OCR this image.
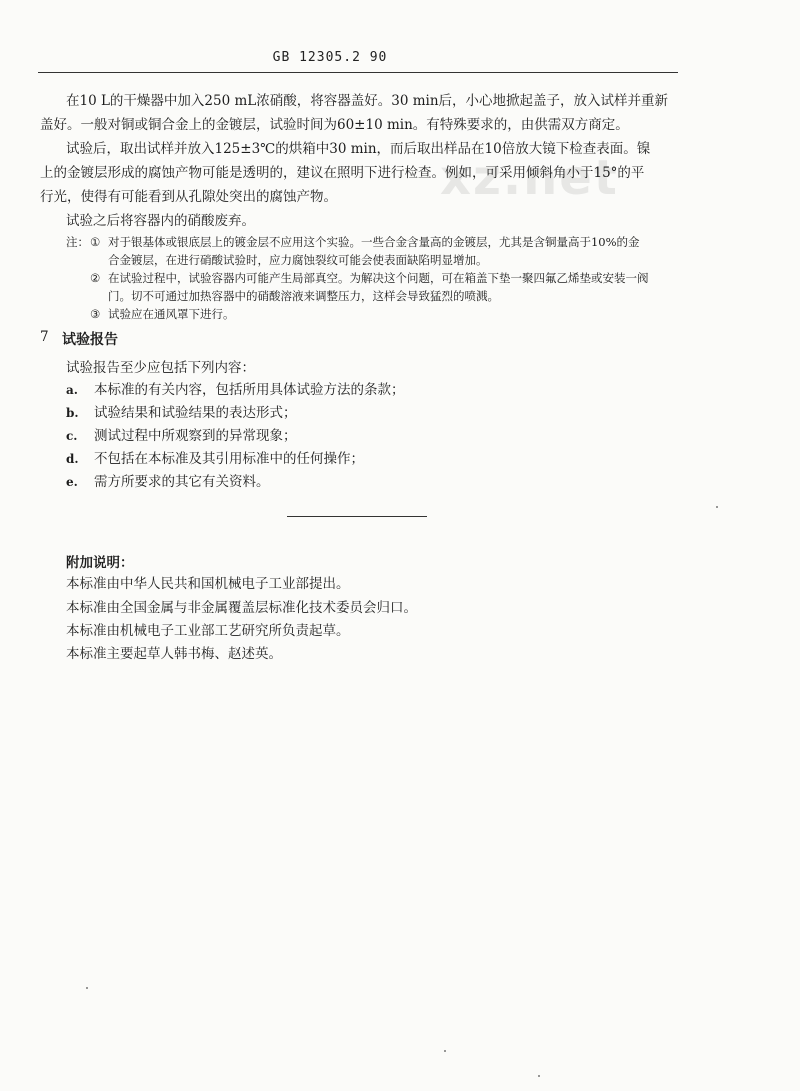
GB 12305.2 90
xz.net
在10 L的干燥器中加入250 mL浓硝酸，将容器盖好。30 min后，小心地掀起盖子，放入试样并重新
盖好。一般对铜或铜合金上的金镀层，试验时间为60±10 min。有特殊要求的，由供需双方商定。
试验后，取出试样并放入125±3℃的烘箱中30 min，而后取出样品在10倍放大镜下检查表面。镍
上的金镀层形成的腐蚀产物可能是透明的，建议在照明下进行检查。例如，可采用倾斜角小于15°的平
行光，使得有可能看到从孔隙处突出的腐蚀产物。
试验之后将容器内的硝酸废弃。
注： ① 对于银基体或银底层上的镀金层不应用这个实验。一些合金含量高的金镀层，尤其是含铜量高于10%的金
合金镀层，在进行硝酸试验时，应力腐蚀裂纹可能会使表面缺陷明显增加。
② 在试验过程中，试验容器内可能产生局部真空。为解决这个问题，可在箱盖下垫一聚四氟乙烯垫或安装一阀
门。切不可通过加热容器中的硝酸溶液来调整压力，这样会导致猛烈的喷溅。
③ 试验应在通风罩下进行。
7 试验报告
试验报告至少应包括下列内容：
a. 本标准的有关内容，包括所用具体试验方法的条款；
b. 试验结果和试验结果的表达形式；
c. 测试过程中所观察到的异常现象；
d. 不包括在本标准及其引用标准中的任何操作；
e. 需方所要求的其它有关资料。
附加说明：
本标准由中华人民共和国机械电子工业部提出。
本标准由全国金属与非金属覆盖层标准化技术委员会归口。
本标准由机械电子工业部工艺研究所负责起草。
本标准主要起草人韩书梅、赵述英。
